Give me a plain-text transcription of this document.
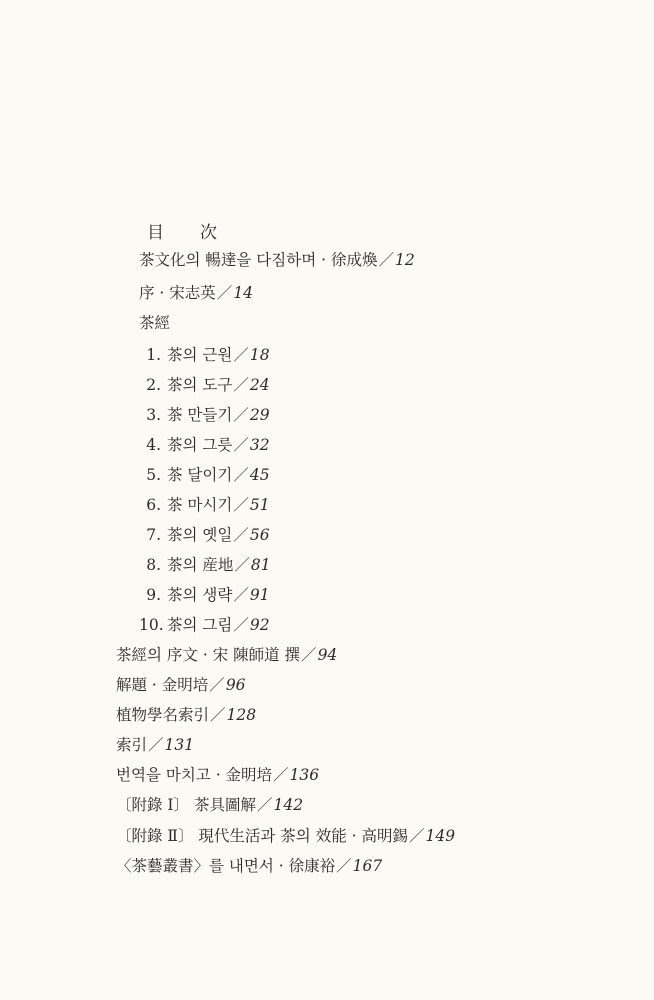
目 次
茶文化의 暢達을 다짐하며 · 徐成煥／12
序 · 宋志英／14
茶經
1. 茶의 근원／18
2. 茶의 도구／24
3. 茶 만들기／29
4. 茶의 그릇／32
5. 茶 달이기／45
6. 茶 마시기／51
7. 茶의 옛일／56
8. 茶의 産地／81
9. 茶의 생략／91
10. 茶의 그림／92
茶經의 序文 · 宋 陳師道 撰／94
解題 · 金明培／96
植物學名索引／128
索引／131
번역을 마치고 · 金明培／136
〔附錄 Ⅰ〕 茶具圖解／142
〔附錄 Ⅱ〕 現代生活과 茶의 效能 · 高明錫／149
〈茶藝叢書〉를 내면서 · 徐康裕／167
